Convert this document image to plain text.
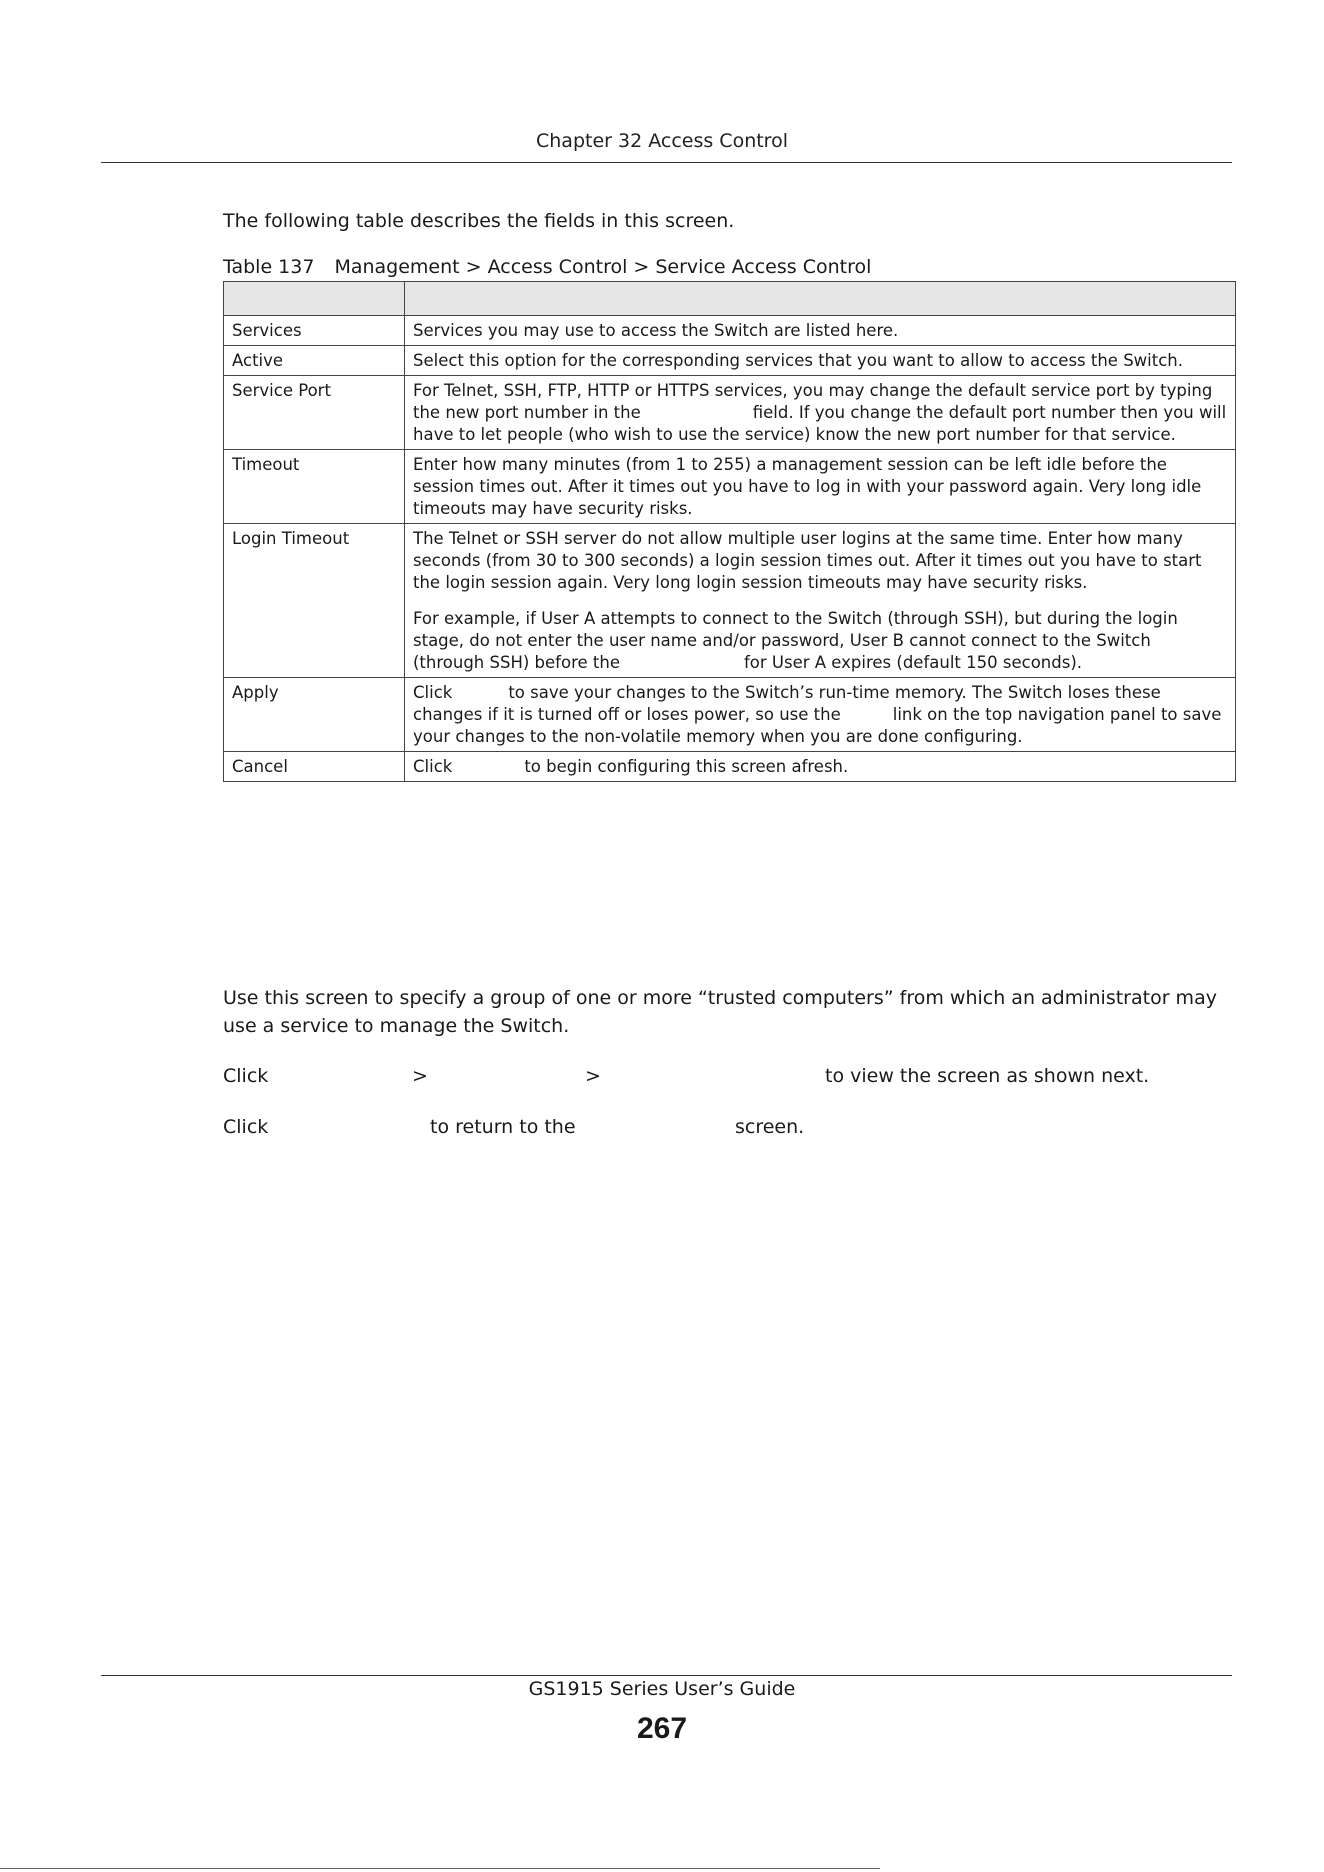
Chapter 32 Access Control
The following table describes the fields in this screen.
Table 137 Management > Access Control > Service Access Control

Services	Services you may use to access the Switch are listed here.
Active	Select this option for the corresponding services that you want to allow to access the Switch.
Service Port	For Telnet, SSH, FTP, HTTP or HTTPS services, you may change the default service port by typing the new port number in the field. If you change the default port number then you will have to let people (who wish to use the service) know the new port number for that service.
Timeout	Enter how many minutes (from 1 to 255) a management session can be left idle before the session times out. After it times out you have to log in with your password again. Very long idle timeouts may have security risks.
Login Timeout	The Telnet or SSH server do not allow multiple user logins at the same time. Enter how many seconds (from 30 to 300 seconds) a login session times out. After it times out you have to start the login session again. Very long login session timeouts may have security risks.

For example, if User A attempts to connect to the Switch (through SSH), but during the login stage, do not enter the user name and/or password, User B cannot connect to the Switch (through SSH) before the for User A expires (default 150 seconds).

Apply	Click to save your changes to the Switch’s run-time memory. The Switch loses these changes if it is turned off or loses power, so use the link on the top navigation panel to save your changes to the non-volatile memory when you are done configuring.
Cancel	Click to begin configuring this screen afresh.
Use this screen to specify a group of one or more “trusted computers” from which an administrator may use a service to manage the Switch.
Click	>	>	to view the screen as shown next.
Click	to return to the	screen.
GS1915 Series User’s Guide
267
